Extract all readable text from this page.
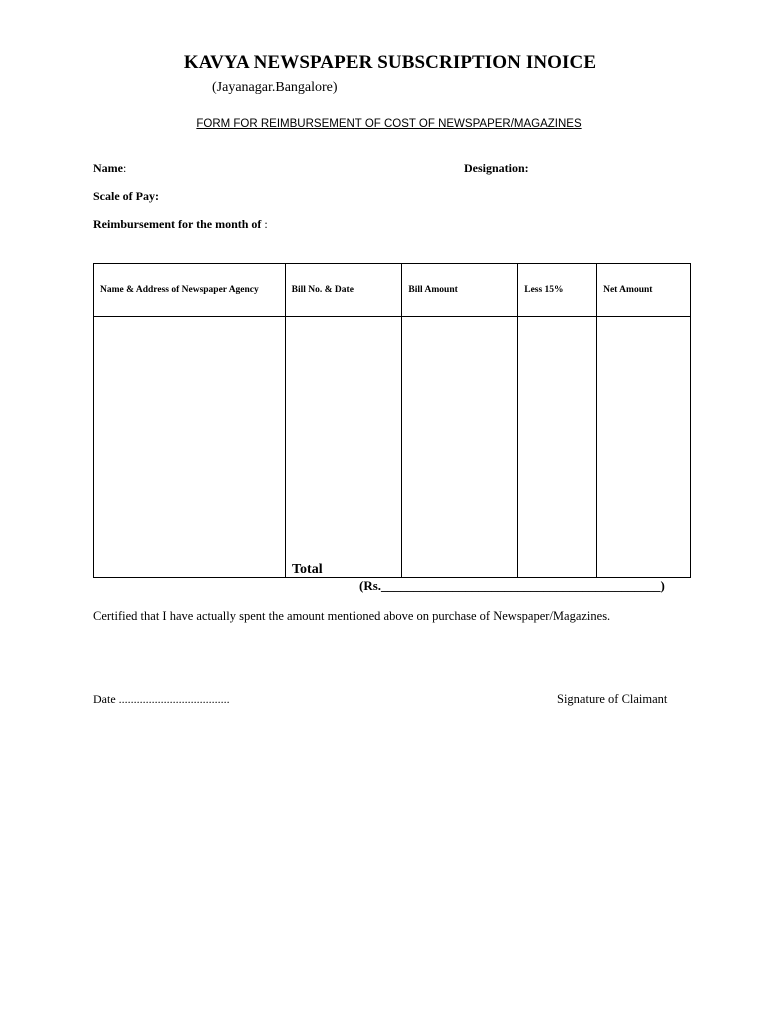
KAVYA NEWSPAPER SUBSCRIPTION INOICE
(Jayanagar.Bangalore)
FORM FOR REIMBURSEMENT OF COST OF NEWSPAPER/MAGAZINES
Name:	Designation:
Scale of Pay:
Reimbursement for the month of :
Name & Address of Newspaper Agency	Bill No. & Date	Bill Amount	Less 15%	Net Amount

Total
(Rs.___________________________________________)
Certified that I have actually spent the amount mentioned above on purchase of Newspaper/Magazines.
Date .....................................	Signature of Claimant
